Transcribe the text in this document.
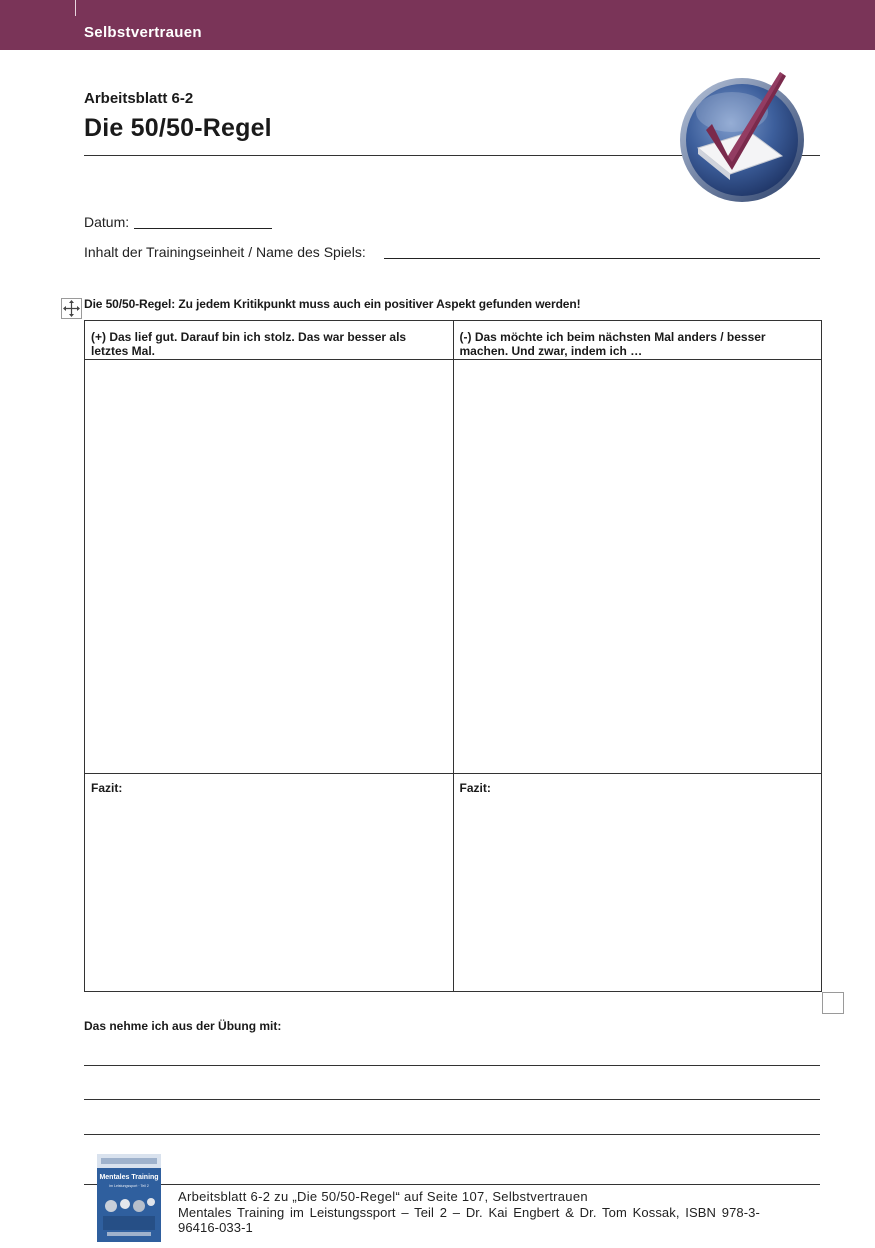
Selbstvertrauen
Arbeitsblatt 6-2
Die 50/50-Regel
Datum:
Inhalt der Trainingseinheit / Name des Spiels:
Die 50/50-Regel: Zu jedem Kritikpunkt muss auch ein positiver Aspekt gefunden werden!
(+) Das lief gut. Darauf bin ich stolz. Das war besser als letztes Mal.	(-) Das möchte ich beim nächsten Mal anders / besser machen. Und zwar, indem ich …

Fazit:	Fazit:
Das nehme ich aus der Übung mit:
Mentales Training
im Leistungssport · Teil 2
Arbeitsblatt 6-2 zu „Die 50/50-Regel“ auf Seite 107, Selbstvertrauen
Mentales Training im Leistungssport – Teil 2 – Dr. Kai Engbert & Dr. Tom Kossak, ISBN 978-3-96416-033-1
